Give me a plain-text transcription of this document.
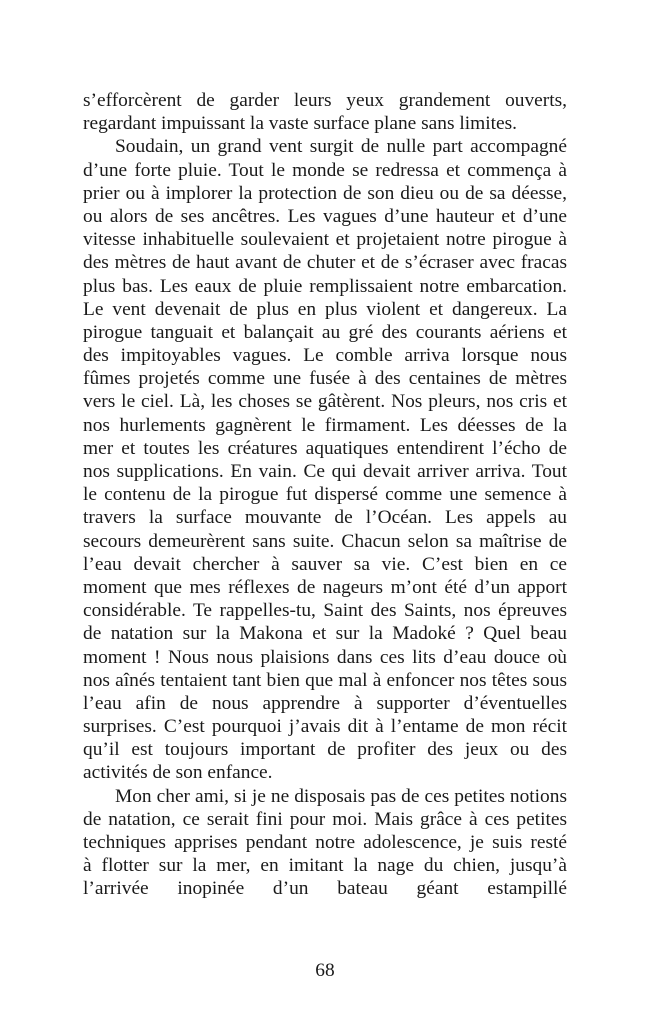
s’efforcèrent de garder leurs yeux grandement ouverts,
regardant impuissant la vaste surface plane sans limites.
Soudain, un grand vent surgit de nulle part accompagné
d’une forte pluie. Tout le monde se redressa et commença à
prier ou à implorer la protection de son dieu ou de sa déesse,
ou alors de ses ancêtres. Les vagues d’une hauteur et d’une
vitesse inhabituelle soulevaient et projetaient notre pirogue à
des mètres de haut avant de chuter et de s’écraser avec fracas
plus bas. Les eaux de pluie remplissaient notre embarcation.
Le vent devenait de plus en plus violent et dangereux. La
pirogue tanguait et balançait au gré des courants aériens et
des impitoyables vagues. Le comble arriva lorsque nous
fûmes projetés comme une fusée à des centaines de mètres
vers le ciel. Là, les choses se gâtèrent. Nos pleurs, nos cris et
nos hurlements gagnèrent le firmament. Les déesses de la
mer et toutes les créatures aquatiques entendirent l’écho de
nos supplications. En vain. Ce qui devait arriver arriva. Tout
le contenu de la pirogue fut dispersé comme une semence à
travers la surface mouvante de l’Océan. Les appels au
secours demeurèrent sans suite. Chacun selon sa maîtrise de
l’eau devait chercher à sauver sa vie. C’est bien en ce
moment que mes réflexes de nageurs m’ont été d’un apport
considérable. Te rappelles-tu, Saint des Saints, nos épreuves
de natation sur la Makona et sur la Madoké ? Quel beau
moment ! Nous nous plaisions dans ces lits d’eau douce où
nos aînés tentaient tant bien que mal à enfoncer nos têtes sous
l’eau afin de nous apprendre à supporter d’éventuelles
surprises. C’est pourquoi j’avais dit à l’entame de mon récit
qu’il est toujours important de profiter des jeux ou des
activités de son enfance.
Mon cher ami, si je ne disposais pas de ces petites notions
de natation, ce serait fini pour moi. Mais grâce à ces petites
techniques apprises pendant notre adolescence, je suis resté
à flotter sur la mer, en imitant la nage du chien, jusqu’à
l’arrivée inopinée d’un bateau géant estampillé
68
